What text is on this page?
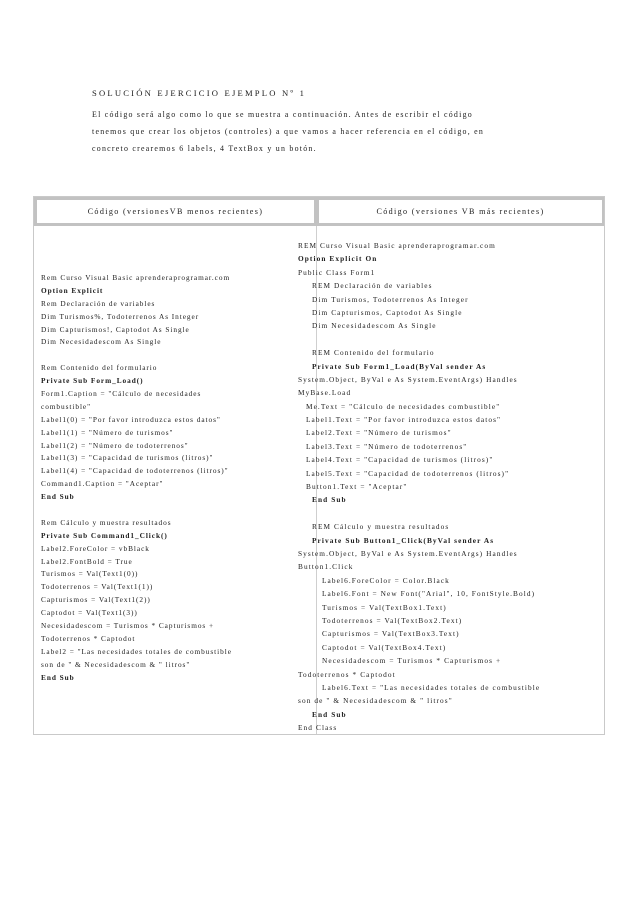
SOLUCIÓN EJERCICIO EJEMPLO Nº 1

El código será algo como lo que se muestra a continuación. Antes de escribir el código

tenemos que crear los objetos (controles) a que vamos a hacer referencia en el código, en

concreto crearemos 6 labels, 4 TextBox y un botón.

Código (versionesVB menos recientes)	Código (versiones VB más recientes)
Rem Curso Visual Basic aprenderaprogramar.com
Option Explicit
Rem Declaración de variables
Dim Turismos%, Todoterrenos As Integer
Dim Capturismos!, Captodot As Single
Dim Necesidadescom As Single
Rem Contenido del formulario
Private Sub Form_Load()
Form1.Caption = "Cálculo de necesidades
combustible"
Label1(0) = "Por favor introduzca estos datos"
Label1(1) = "Número de turismos"
Label1(2) = "Número de todoterrenos"
Label1(3) = "Capacidad de turismos (litros)"
Label1(4) = "Capacidad de todoterrenos (litros)"
Command1.Caption = "Aceptar"
End Sub
Rem Cálculo y muestra resultados
Private Sub Command1_Click()
Label2.ForeColor = vbBlack
Label2.FontBold = True
Turismos = Val(Text1(0))
Todoterrenos = Val(Text1(1))
Capturismos = Val(Text1(2))
Captodot = Val(Text1(3))
Necesidadescom = Turismos * Capturismos +
Todoterrenos * Captodot
Label2 = "Las necesidades totales de combustible
son de " & Necesidadescom & " litros"
End Sub
REM Curso Visual Basic aprenderaprogramar.com
Option Explicit On
Public Class Form1
REM Declaración de variables
Dim Turismos, Todoterrenos As Integer
Dim Capturismos, Captodot As Single
Dim Necesidadescom As Single
REM Contenido del formulario
Private Sub Form1_Load(ByVal sender As
System.Object, ByVal e As System.EventArgs) Handles
MyBase.Load
Me.Text = "Cálculo de necesidades combustible"
Label1.Text = "Por favor introduzca estos datos"
Label2.Text = "Número de turismos"
Label3.Text = "Número de todoterrenos"
Label4.Text = "Capacidad de turismos (litros)"
Label5.Text = "Capacidad de todoterrenos (litros)"
Button1.Text = "Aceptar"
End Sub
REM Cálculo y muestra resultados
Private Sub Button1_Click(ByVal sender As
System.Object, ByVal e As System.EventArgs) Handles
Button1.Click
Label6.ForeColor = Color.Black
Label6.Font = New Font("Arial", 10, FontStyle.Bold)
Turismos = Val(TextBox1.Text)
Todoterrenos = Val(TextBox2.Text)
Capturismos = Val(TextBox3.Text)
Captodot = Val(TextBox4.Text)
Necesidadescom = Turismos * Capturismos +
Todoterrenos * Captodot
Label6.Text = "Las necesidades totales de combustible
son de " & Necesidadescom & " litros"
End Sub
End Class
